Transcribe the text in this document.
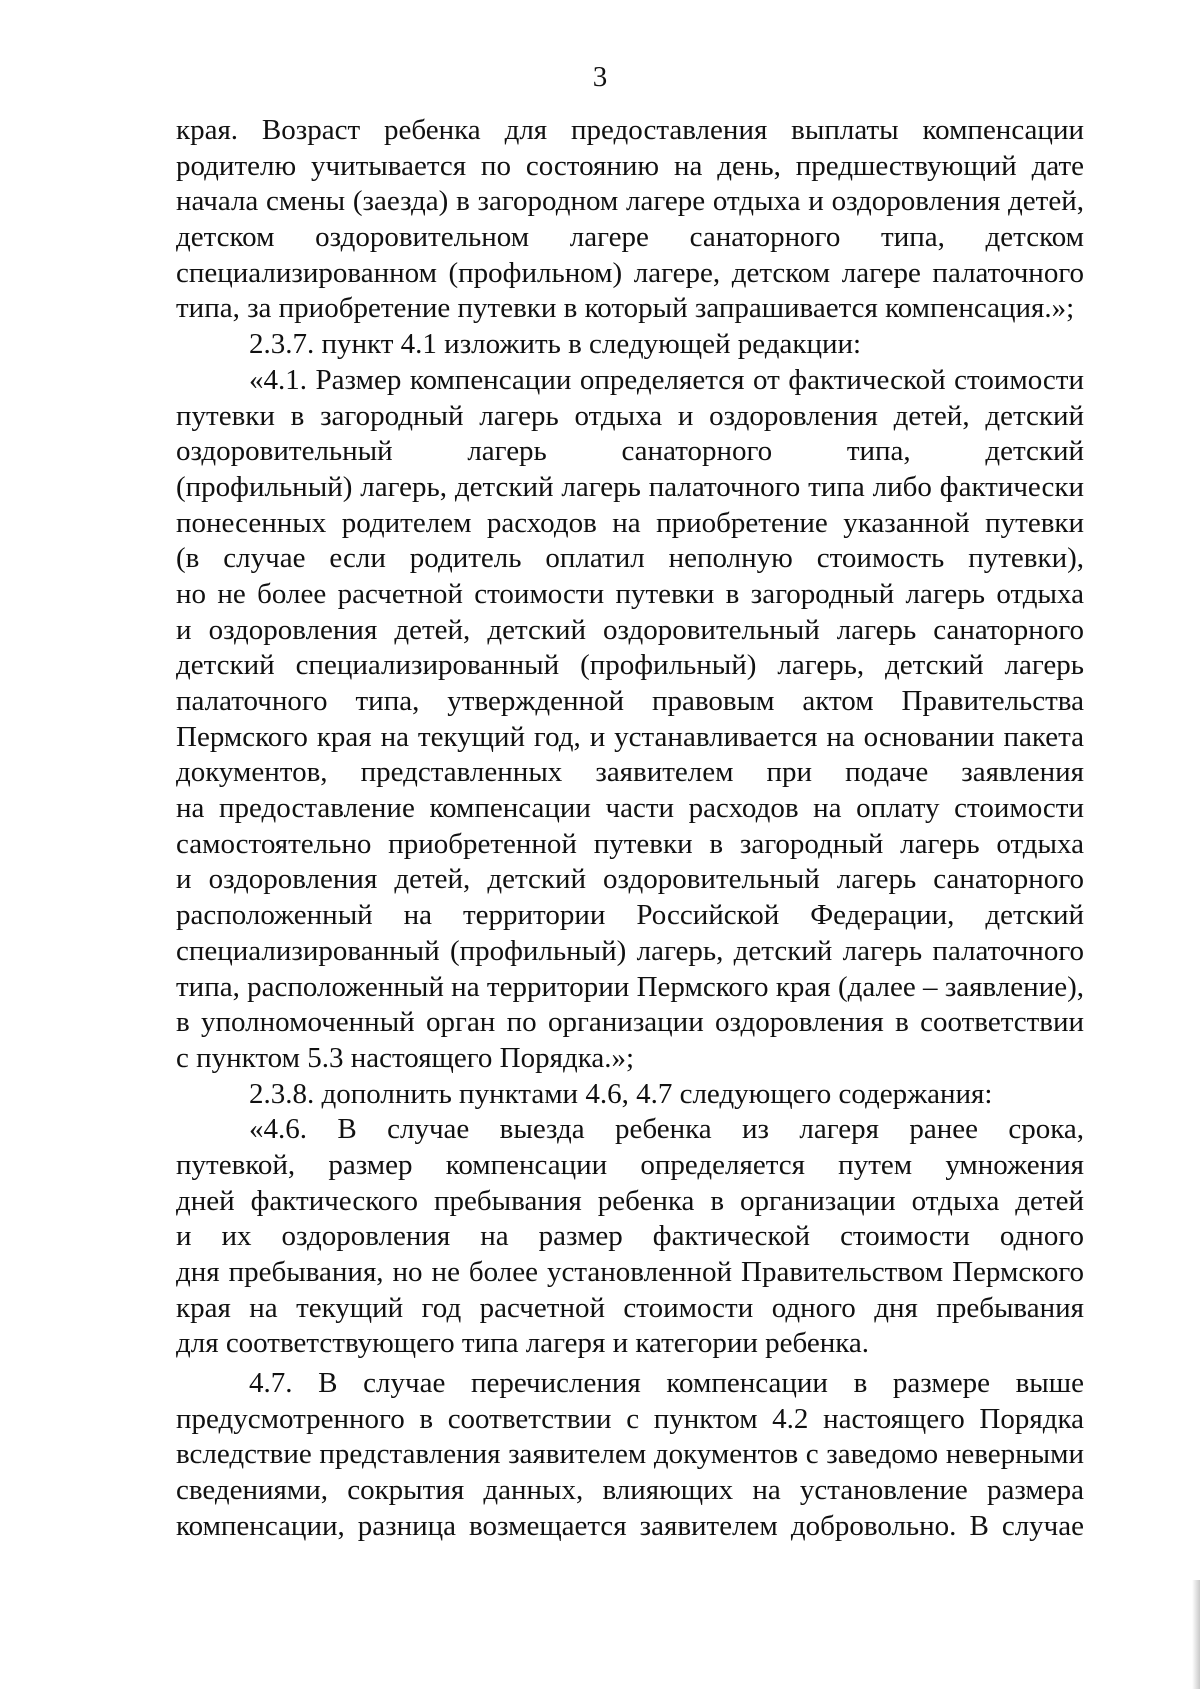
3
края. Возраст ребенка для предоставления выплаты компенсации
родителю учитывается по состоянию на день, предшествующий дате
начала смены (заезда) в загородном лагере отдыха и оздоровления детей,
детском оздоровительном лагере санаторного типа, детском
специализированном (профильном) лагере, детском лагере палаточного
типа, за приобретение путевки в который запрашивается компенсация.»;
2.3.7. пункт 4.1 изложить в следующей редакции:
«4.1. Размер компенсации определяется от фактической стоимости
путевки в загородный лагерь отдыха и оздоровления детей, детский
оздоровительный лагерь санаторного типа, детский
(профильный) лагерь, детский лагерь палаточного типа либо фактически
понесенных родителем расходов на приобретение указанной путевки
(в случае если родитель оплатил неполную стоимость путевки),
но не более расчетной стоимости путевки в загородный лагерь отдыха
и оздоровления детей, детский оздоровительный лагерь санаторного
детский специализированный (профильный) лагерь, детский лагерь
палаточного типа, утвержденной правовым актом Правительства
Пермского края на текущий год, и устанавливается на основании пакета
документов, представленных заявителем при подаче заявления
на предоставление компенсации части расходов на оплату стоимости
самостоятельно приобретенной путевки в загородный лагерь отдыха
и оздоровления детей, детский оздоровительный лагерь санаторного
расположенный на территории Российской Федерации, детский
специализированный (профильный) лагерь, детский лагерь палаточного
типа, расположенный на территории Пермского края (далее – заявление),
в уполномоченный орган по организации оздоровления в соответствии
с пунктом 5.3 настоящего Порядка.»;
2.3.8. дополнить пунктами 4.6, 4.7 следующего содержания:
«4.6. В случае выезда ребенка из лагеря ранее срока,
путевкой, размер компенсации определяется путем умножения
дней фактического пребывания ребенка в организации отдыха детей
и их оздоровления на размер фактической стоимости одного
дня пребывания, но не более установленной Правительством Пермского
края на текущий год расчетной стоимости одного дня пребывания
для соответствующего типа лагеря и категории ребенка.
4.7. В случае перечисления компенсации в размере выше
предусмотренного в соответствии с пунктом 4.2 настоящего Порядка
вследствие представления заявителем документов с заведомо неверными
сведениями, сокрытия данных, влияющих на установление размера
компенсации, разница возмещается заявителем добровольно. В случае
